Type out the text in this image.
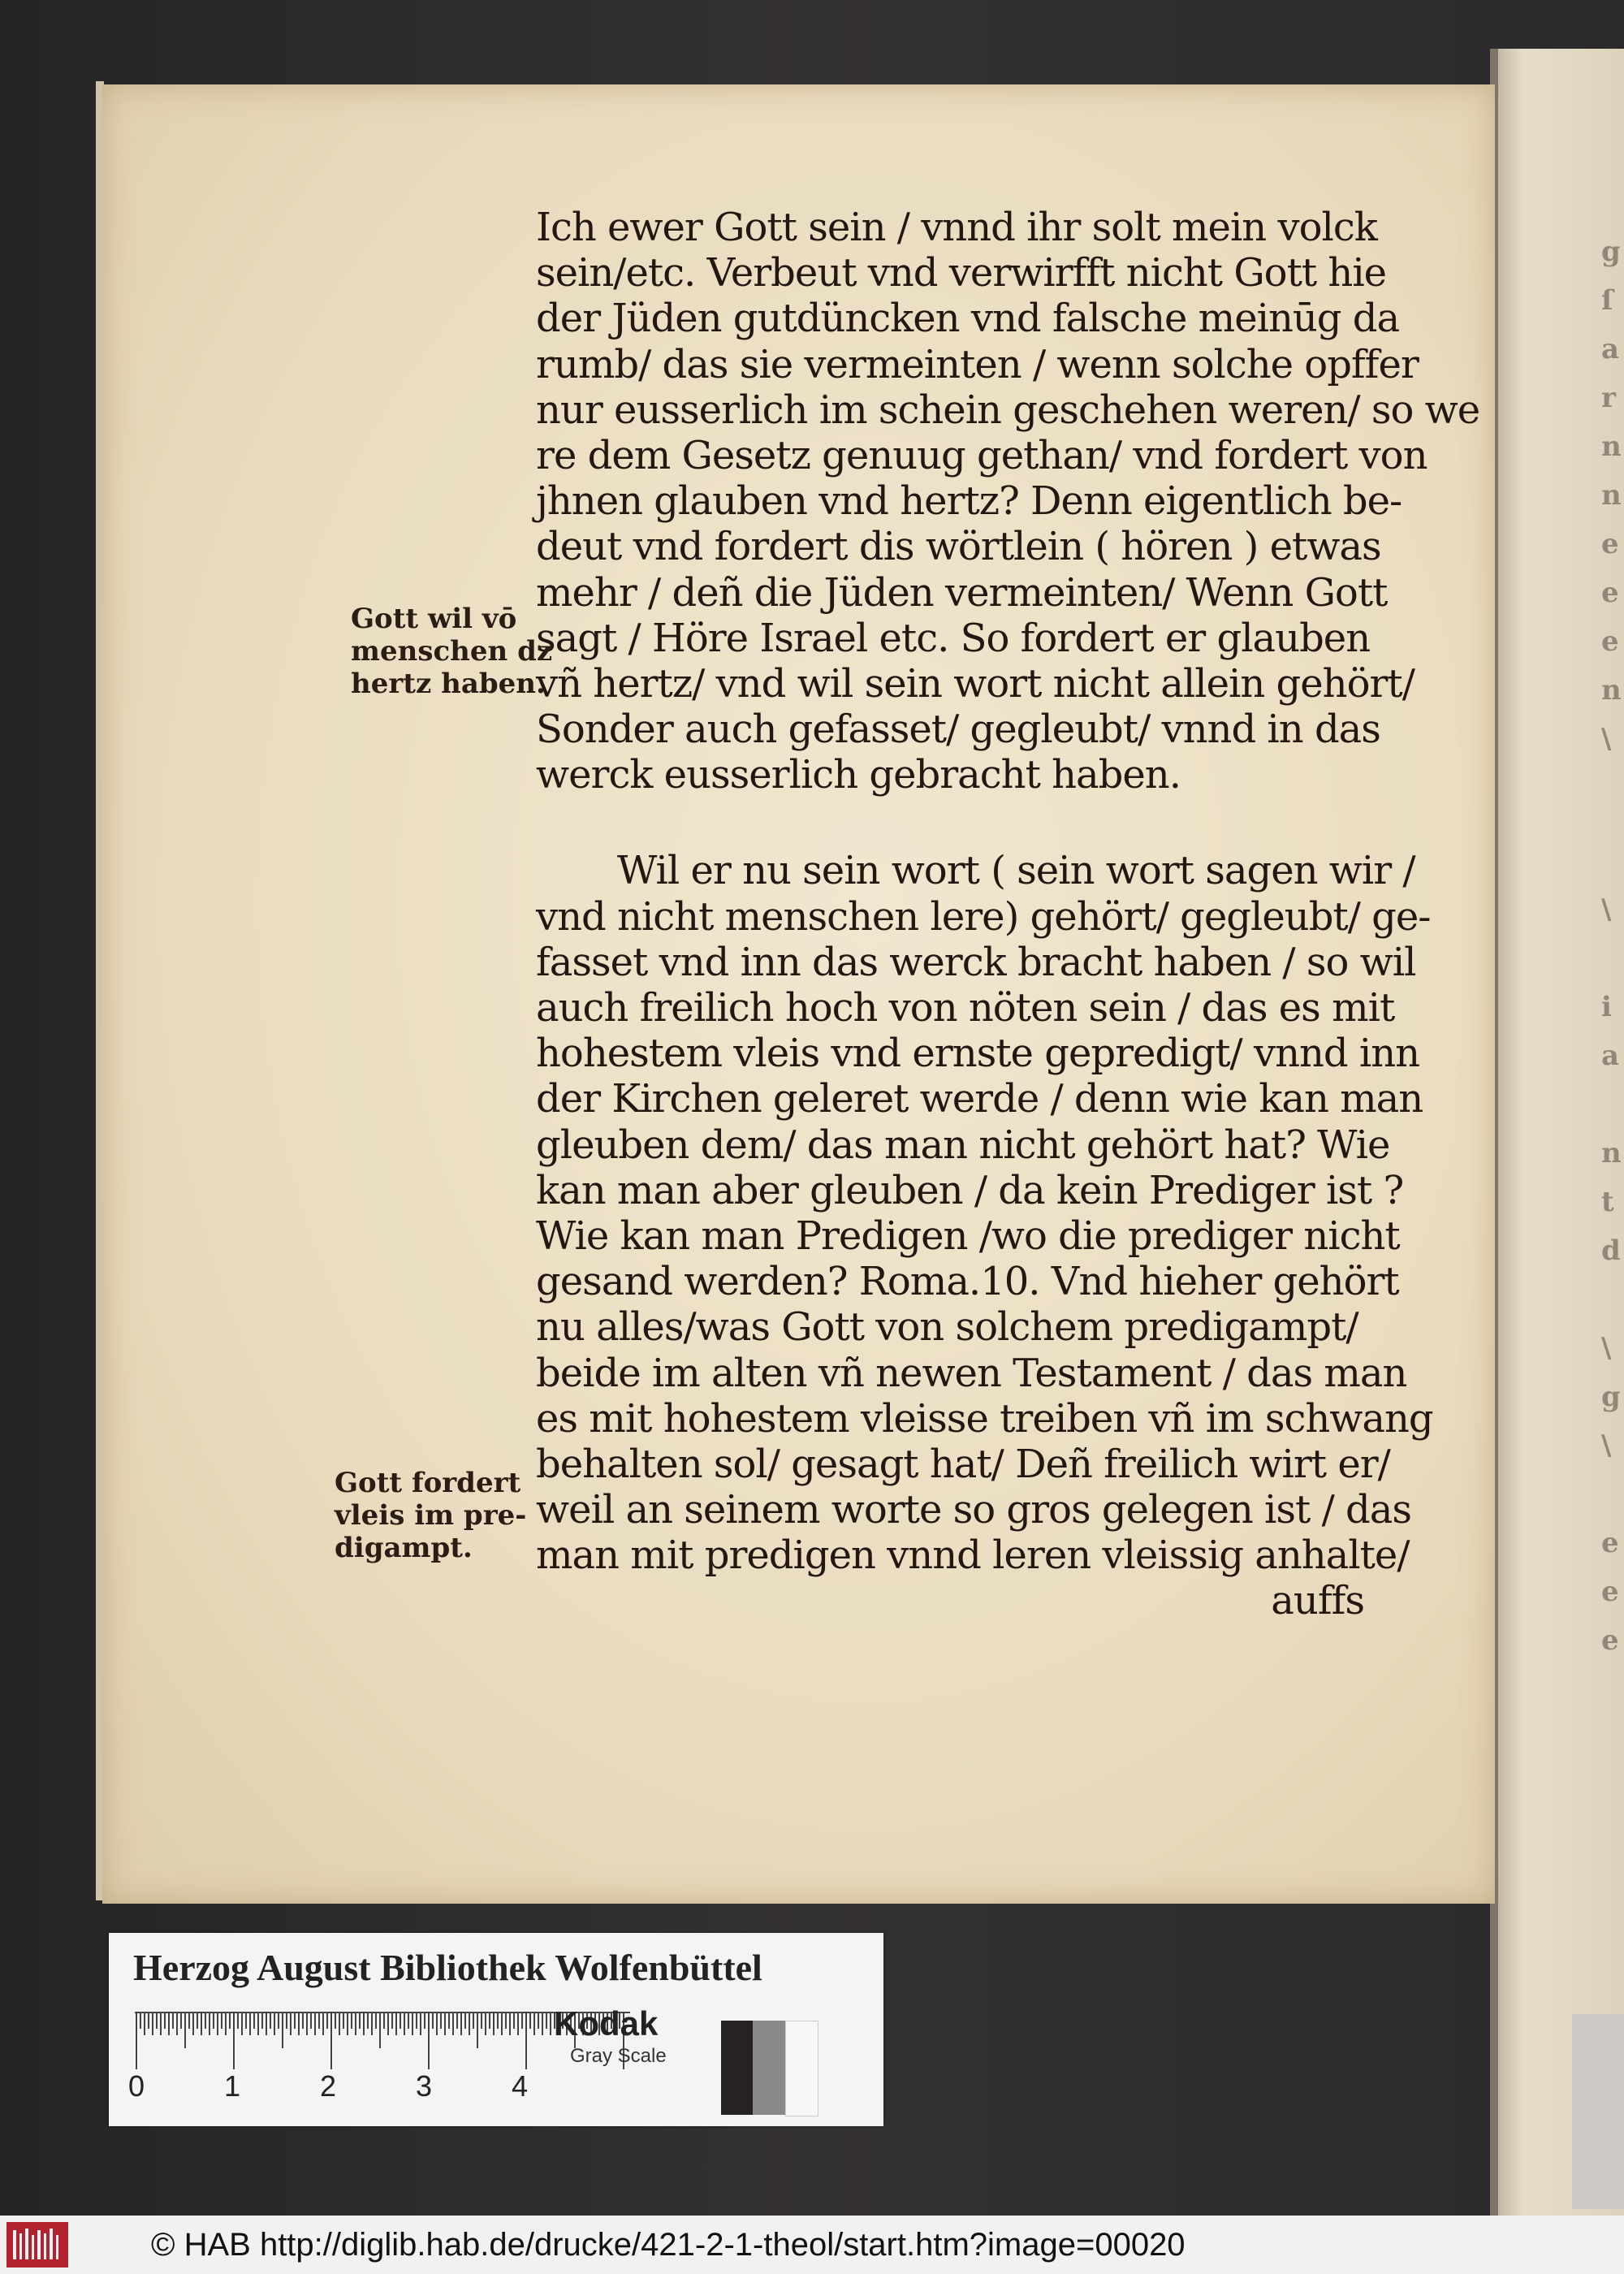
g
ſ
a
r
n
n
e
e
e
n
\
\
i
a
n
t
d
\
g
\
e
e
e
Ich ewer Gott sein / vnnd ihr solt mein volck
sein/etc. Verbeut vnd verwirfft nicht Gott hie
der Jüden gutdüncken vnd falsche meinūg da
rumb/ das sie vermeinten / wenn solche opffer
nur eusserlich im schein geschehen weren/ so we
re dem Gesetz genuug gethan/ vnd fordert von
jhnen glauben vnd hertz? Denn eigentlich be-
deut vnd fordert dis wörtlein ( hören ) etwas
mehr / deñ die Jüden vermeinten/ Wenn Gott
sagt / Höre Israel etc. So fordert er glauben
vñ hertz/ vnd wil sein wort nicht allein gehört/
Sonder auch gefasset/ gegleubt/ vnnd in das
werck eusserlich gebracht haben.
Wil er nu sein wort ( sein wort sagen wir /
vnd nicht menschen lere) gehört/ gegleubt/ ge-
fasset vnd inn das werck bracht haben / so wil
auch freilich hoch von nöten sein / das es mit
hohestem vleis vnd ernste gepredigt/ vnnd inn
der Kirchen geleret werde / denn wie kan man
gleuben dem/ das man nicht gehört hat? Wie
kan man aber gleuben / da kein Prediger ist ?
Wie kan man Predigen /wo die prediger nicht
gesand werden? Roma.10. Vnd hieher gehört
nu alles/was Gott von solchem predigampt/
beide im alten vñ newen Testament / das man
es mit hohestem vleisse treiben vñ im schwang
behalten sol/ gesagt hat/ Deñ freilich wirt er/
weil an seinem worte so gros gelegen ist / das
man mit predigen vnnd leren vleissig anhalte/
auffs
Gott wil vō
menschen dz
hertz haben.
Gott fordert
vleis im pre-
digampt.
Herzog August Bibliothek Wolfenbüttel
0	1	2	3	4
Kodak
Gray Scale
© HAB http://diglib.hab.de/drucke/421-2-1-theol/start.htm?image=00020
